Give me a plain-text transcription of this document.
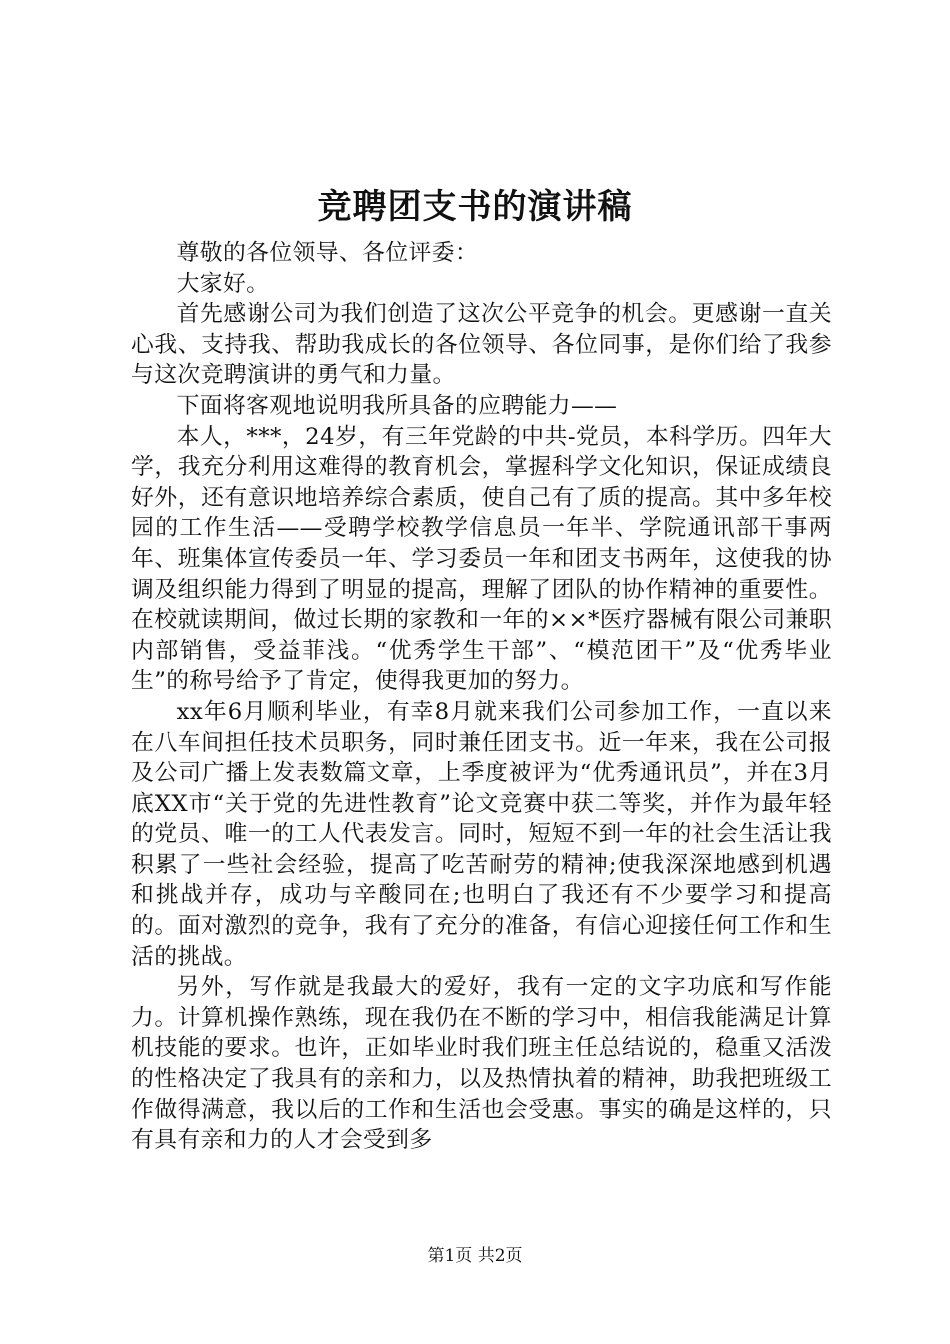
竞聘团支书的演讲稿

尊敬的各位领导、各位评委：

大家好。

首先感谢公司为我们创造了这次公平竞争的机会。更感谢一直关心我、支持我、帮助我成长的各位领导、各位同事，是你们给了我参与这次竞聘演讲的勇气和力量。

下面将客观地说明我所具备的应聘能力——

本人，***，24岁，有三年党龄的中共-党员，本科学历。四年大学，我充分利用这难得的教育机会，掌握科学文化知识，保证成绩良好外，还有意识地培养综合素质，使自己有了质的提高。其中多年校园的工作生活——受聘学校教学信息员一年半、学院通讯部干事两年、班集体宣传委员一年、学习委员一年和团支书两年，这使我的协调及组织能力得到了明显的提高，理解了团队的协作精神的重要性。在校就读期间，做过长期的家教和一年的××*医疗器械有限公司兼职内部销售，受益菲浅。“优秀学生干部”、“模范团干”及“优秀毕业生”的称号给予了肯定，使得我更加的努力。

xx年6月顺利毕业，有幸8月就来我们公司参加工作，一直以来在八车间担任技术员职务，同时兼任团支书。近一年来，我在公司报及公司广播上发表数篇文章，上季度被评为“优秀通讯员”，并在3月底XX市“关于党的先进性教育”论文竞赛中获二等奖，并作为最年轻的党员、唯一的工人代表发言。同时，短短不到一年的社会生活让我积累了一些社会经验，提高了吃苦耐劳的精神;使我深深地感到机遇和挑战并存，成功与辛酸同在;也明白了我还有不少要学习和提高的。面对激烈的竞争，我有了充分的准备，有信心迎接任何工作和生活的挑战。

另外，写作就是我最大的爱好，我有一定的文字功底和写作能力。计算机操作熟练，现在我仍在不断的学习中，相信我能满足计算机技能的要求。也许，正如毕业时我们班主任总结说的，稳重又活泼的性格决定了我具有的亲和力，以及热情执着的精神，助我把班级工作做得满意，我以后的工作和生活也会受惠。事实的确是这样的，只有具有亲和力的人才会受到多

第1页 共2页
